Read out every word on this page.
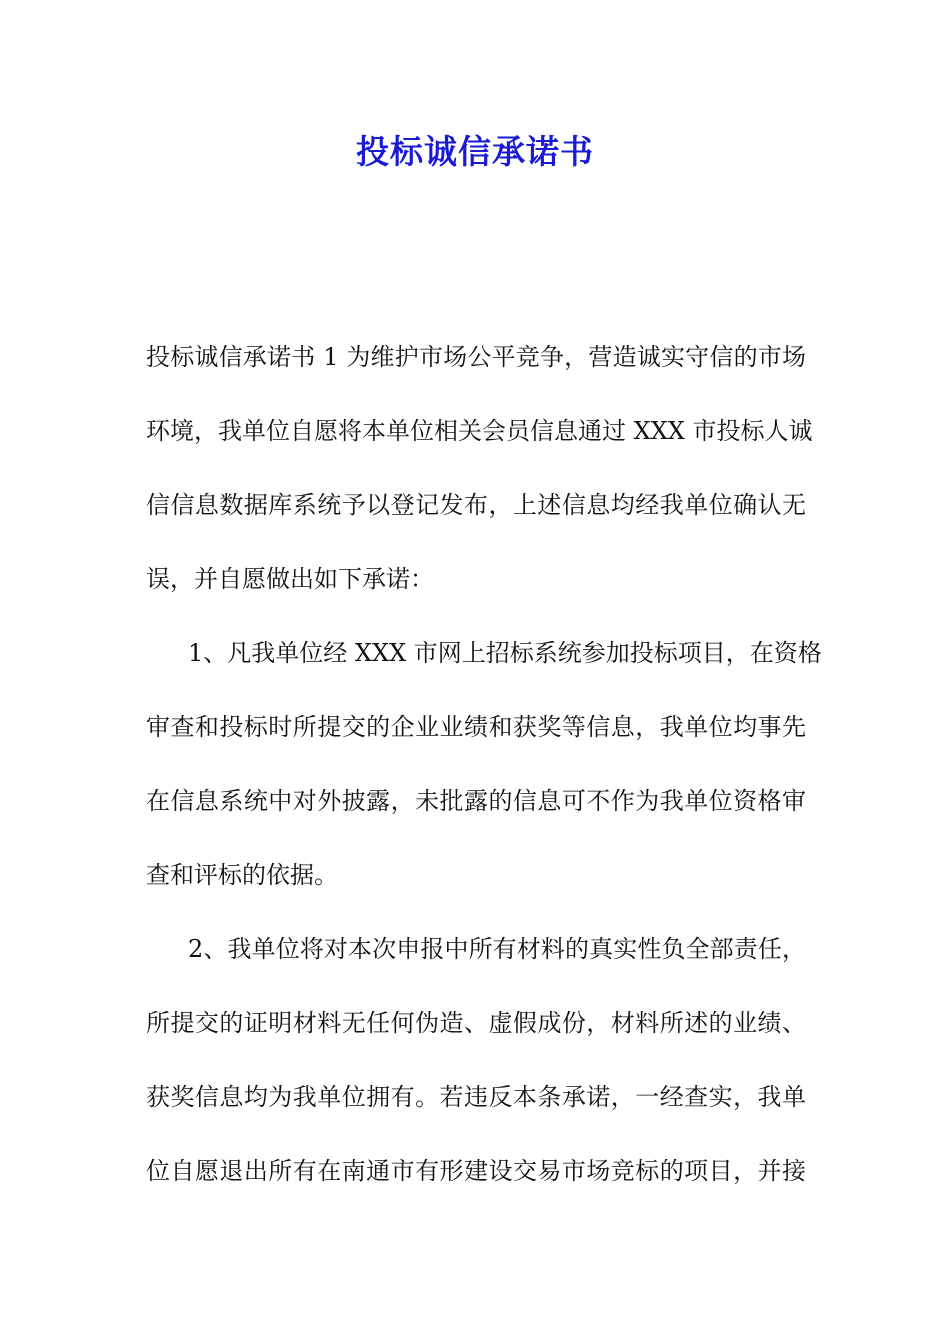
投标诚信承诺书
投标诚信承诺书 1 为维护市场公平竞争，营造诚实守信的市场
环境，我单位自愿将本单位相关会员信息通过 XXX 市投标人诚
信信息数据库系统予以登记发布，上述信息均经我单位确认无
误，并自愿做出如下承诺：
1、凡我单位经 XXX 市网上招标系统参加投标项目，在资格
审查和投标时所提交的企业业绩和获奖等信息，我单位均事先
在信息系统中对外披露，未批露的信息可不作为我单位资格审
查和评标的依据。
2、我单位将对本次申报中所有材料的真实性负全部责任，
所提交的证明材料无任何伪造、虚假成份，材料所述的业绩、
获奖信息均为我单位拥有。若违反本条承诺，一经查实，我单
位自愿退出所有在南通市有形建设交易市场竞标的项目，并接
